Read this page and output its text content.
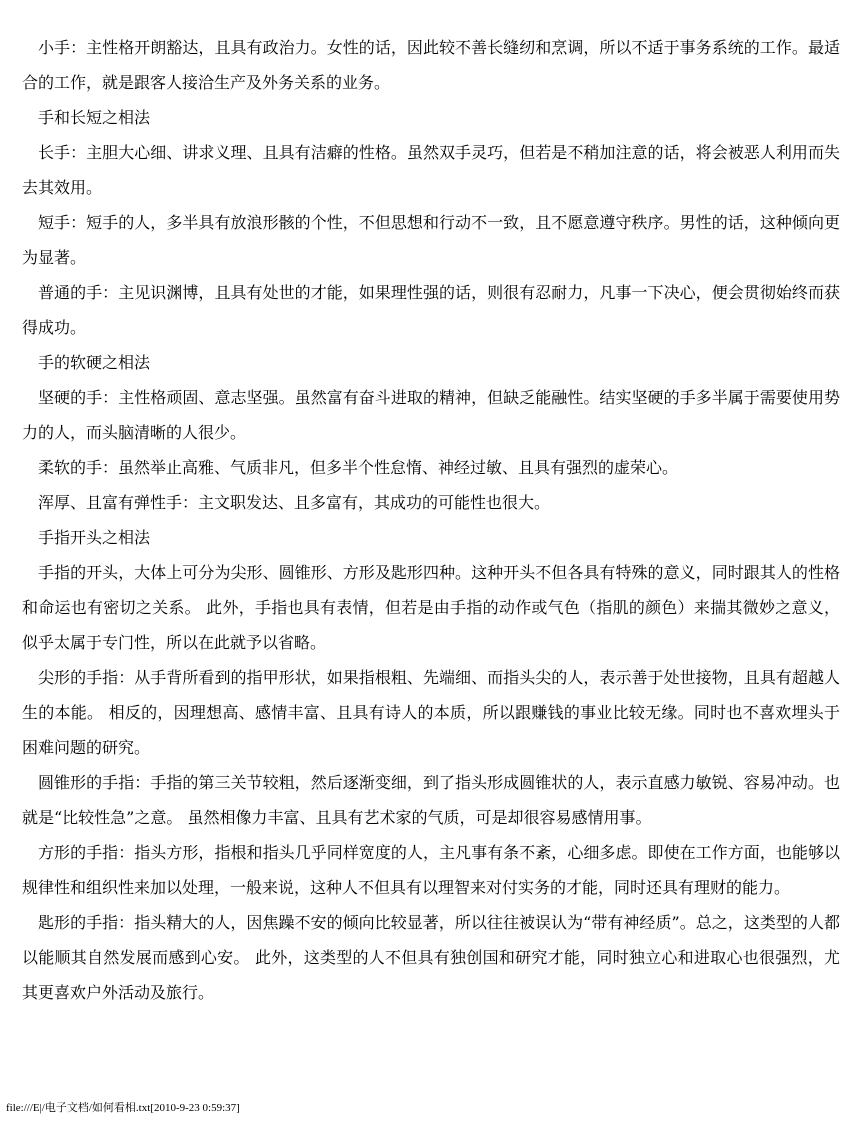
小手：主性格开朗豁达，且具有政治力。女性的话，因此较不善长缝纫和烹调，所以不适于事务系统的工作。最适合的工作，就是跟客人接洽生产及外务关系的业务。

手和长短之相法

长手：主胆大心细、讲求义理、且具有洁癖的性格。虽然双手灵巧，但若是不稍加注意的话，将会被恶人利用而失去其效用。

短手：短手的人，多半具有放浪形骸的个性，不但思想和行动不一致，且不愿意遵守秩序。男性的话，这种倾向更为显著。

普通的手：主见识渊博，且具有处世的才能，如果理性强的话，则很有忍耐力，凡事一下决心，便会贯彻始终而获得成功。

手的软硬之相法

坚硬的手：主性格顽固、意志坚强。虽然富有奋斗进取的精神，但缺乏能融性。结实坚硬的手多半属于需要使用势力的人，而头脑清晰的人很少。

柔软的手：虽然举止高雅、气质非凡，但多半个性怠惰、神经过敏、且具有强烈的虚荣心。

浑厚、且富有弹性手：主文职发达、且多富有，其成功的可能性也很大。

手指开头之相法

手指的开头，大体上可分为尖形、圆锥形、方形及匙形四种。这种开头不但各具有特殊的意义，同时跟其人的性格和命运也有密切之关系。 此外，手指也具有表情，但若是由手指的动作或气色（指肌的颜色）来揣其微妙之意义，似乎太属于专门性，所以在此就予以省略。

尖形的手指：从手背所看到的指甲形状，如果指根粗、先端细、而指头尖的人，表示善于处世接物，且具有超越人生的本能。 相反的，因理想高、感情丰富、且具有诗人的本质，所以跟赚钱的事业比较无缘。同时也不喜欢埋头于困难问题的研究。

圆锥形的手指：手指的第三关节较粗，然后逐渐变细，到了指头形成圆锥状的人，表示直感力敏锐、容易冲动。也就是“比较性急”之意。 虽然相像力丰富、且具有艺术家的气质，可是却很容易感情用事。

方形的手指：指头方形，指根和指头几乎同样宽度的人，主凡事有条不紊，心细多虑。即使在工作方面，也能够以规律性和组织性来加以处理，一般来说，这种人不但具有以理智来对付实务的才能，同时还具有理财的能力。

匙形的手指：指头精大的人，因焦躁不安的倾向比较显著，所以往往被误认为“带有神经质”。总之，这类型的人都以能顺其自然发展而感到心安。 此外，这类型的人不但具有独创国和研究才能，同时独立心和进取心也很强烈，尤其更喜欢户外活动及旅行。

file:///E|/电子文档/如何看相.txt[2010-9-23 0:59:37]
